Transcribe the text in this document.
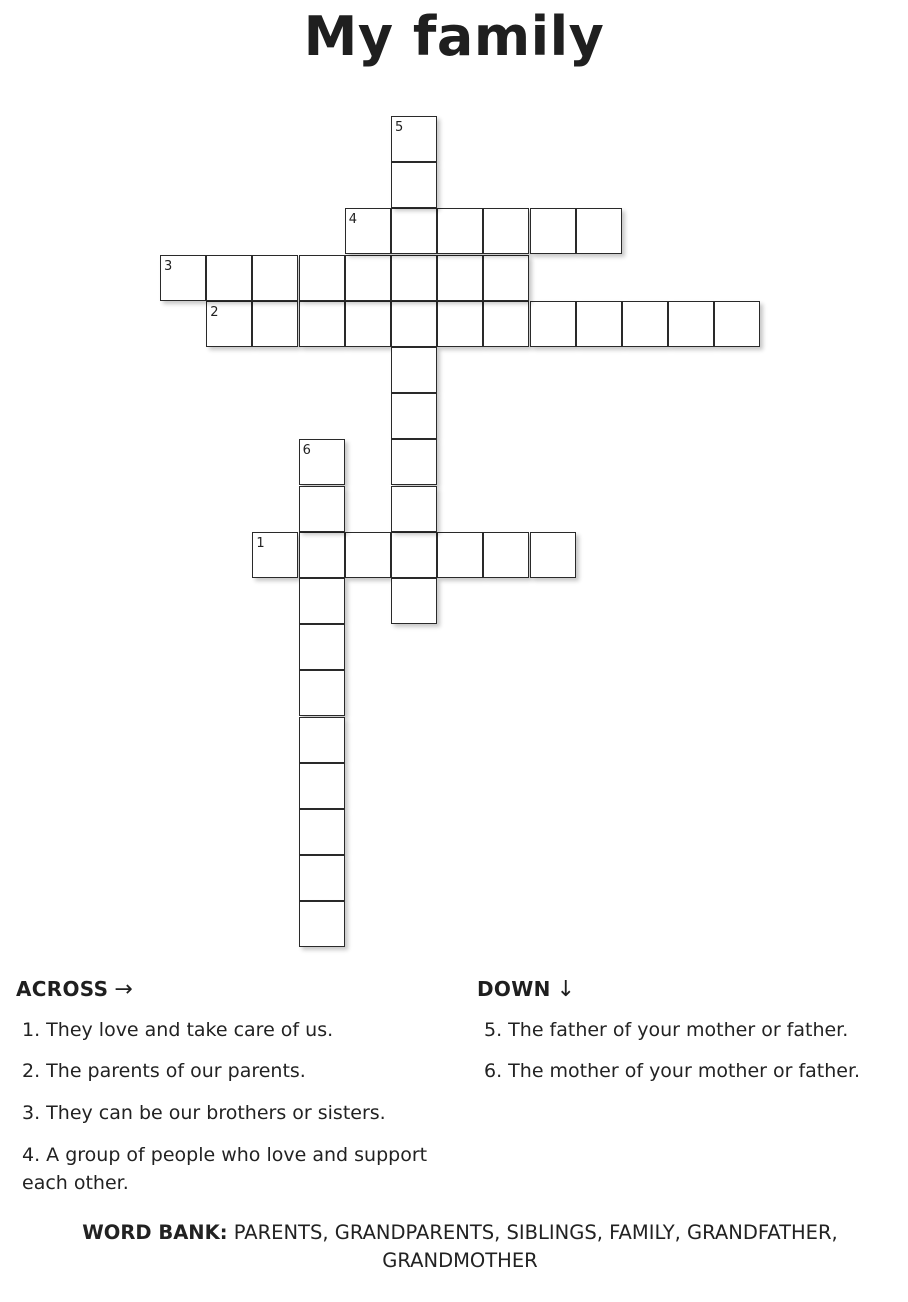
My family
1
2
3
4
5
6
ACROSS →
1. They love and take care of us.
2. The parents of our parents.
3. They can be our brothers or sisters.
4. A group of people who love and support each other.
DOWN ↓
5. The father of your mother or father.
6. The mother of your mother or father.
WORD BANK: PARENTS, GRANDPARENTS, SIBLINGS, FAMILY, GRANDFATHER, GRANDMOTHER
